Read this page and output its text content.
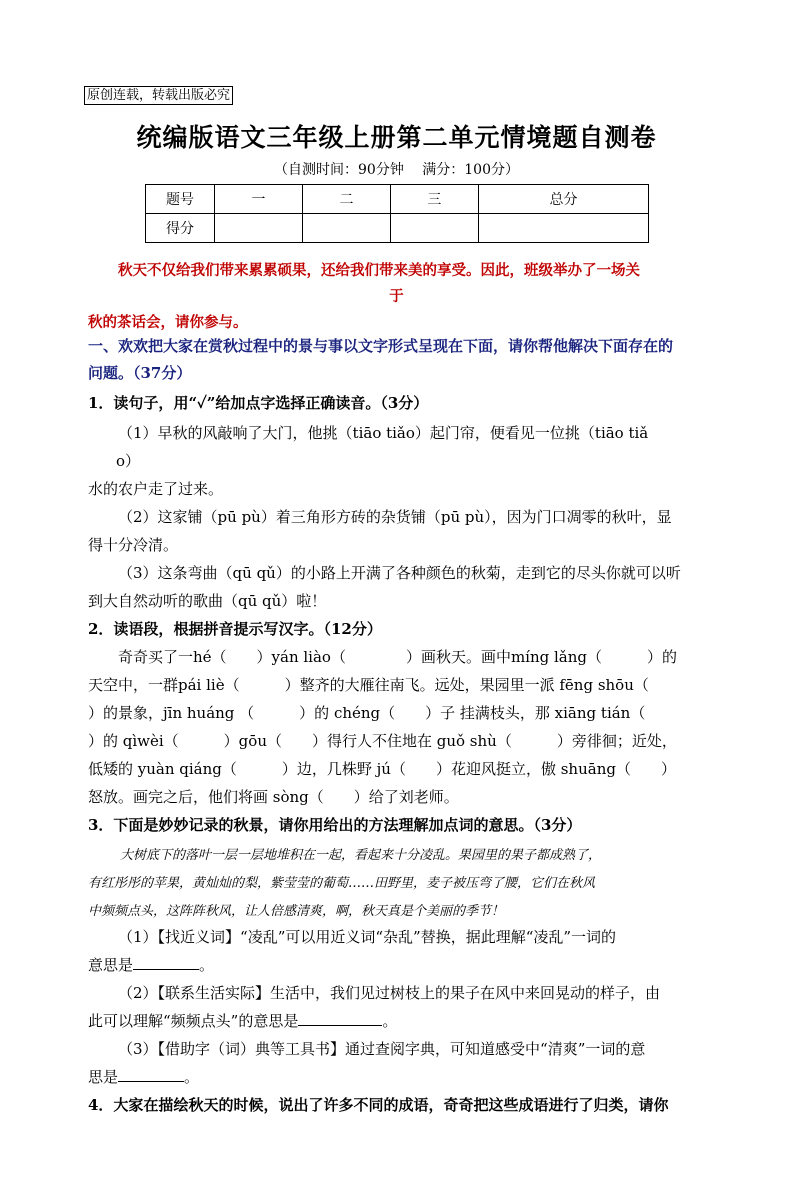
原创连载，转载出版必究
统编版语文三年级上册第二单元情境题自测卷
（自测时间：90分钟　 满分：100分）
题号	一	二	三	总分
得分				
秋天不仅给我们带来累累硕果，还给我们带来美的享受。因此，班级举办了一场关
于
秋的茶话会，请你参与。
一、欢欢把大家在赏秋过程中的景与事以文字形式呈现在下面，请你帮他解决下面存在的
问题。（37分）
1．读句子，用“✓”给加点字选择正确读音。（3分）
（1）早秋的风敲响了大门，他挑（tiāo tiǎo）起门帘，便看见一位挑（tiāo tiǎ
o）
水的农户走了过来。
（2）这家铺（pū pù）着三角形方砖的杂货铺（pū pù），因为门口凋零的秋叶，显
得十分冷清。
（3）这条弯曲（qū qǔ）的小路上开满了各种颜色的秋菊，走到它的尽头你就可以听
到大自然动听的歌曲（qū qǔ）啦！
2．读语段，根据拼音提示写汉字。（12分）
奇奇买了一hé（　　）yán liào（　　　　）画秋天。画中míng lǎng（　　　）的
天空中，一群pái liè（　　　）整齐的大雁往南飞。远处，果园里一派 fēng shōu（
）的景象，jīn huáng （　　　）的 chéng（　　）子 挂满枝头，那 xiāng tián（
）的 qìwèi（　　　）gōu（　　）得行人不住地在 guǒ shù（　　　）旁徘徊；近处，
低矮的 yuàn qiáng（　　　）边，几株野 jú（　　）花迎风挺立，傲 shuāng（　　）
怒放。画完之后，他们将画 sòng（　　）给了刘老师。
3．下面是妙妙记录的秋景，请你用给出的方法理解加点词的意思。（3分）
大树底下的落叶一层一层地堆积在一起，看起来十分凌乱。果园里的果子都成熟了，
有红彤彤的苹果，黄灿灿的梨，紫莹莹的葡萄……田野里，麦子被压弯了腰，它们在秋风
中频频点头，这阵阵秋风，让人倍感清爽，啊，秋天真是个美丽的季节！
（1）【找近义词】“凌乱”可以用近义词“杂乱”替换，据此理解“凌乱”一词的
意思是	。
（2）【联系生活实际】生活中，我们见过树枝上的果子在风中来回晃动的样子，由
此可以理解“频频点头”的意思是	。
（3）【借助字（词）典等工具书】通过查阅字典，可知道感受中“清爽”一词的意
思是	。
4．大家在描绘秋天的时候，说出了许多不同的成语，奇奇把这些成语进行了归类，请你
